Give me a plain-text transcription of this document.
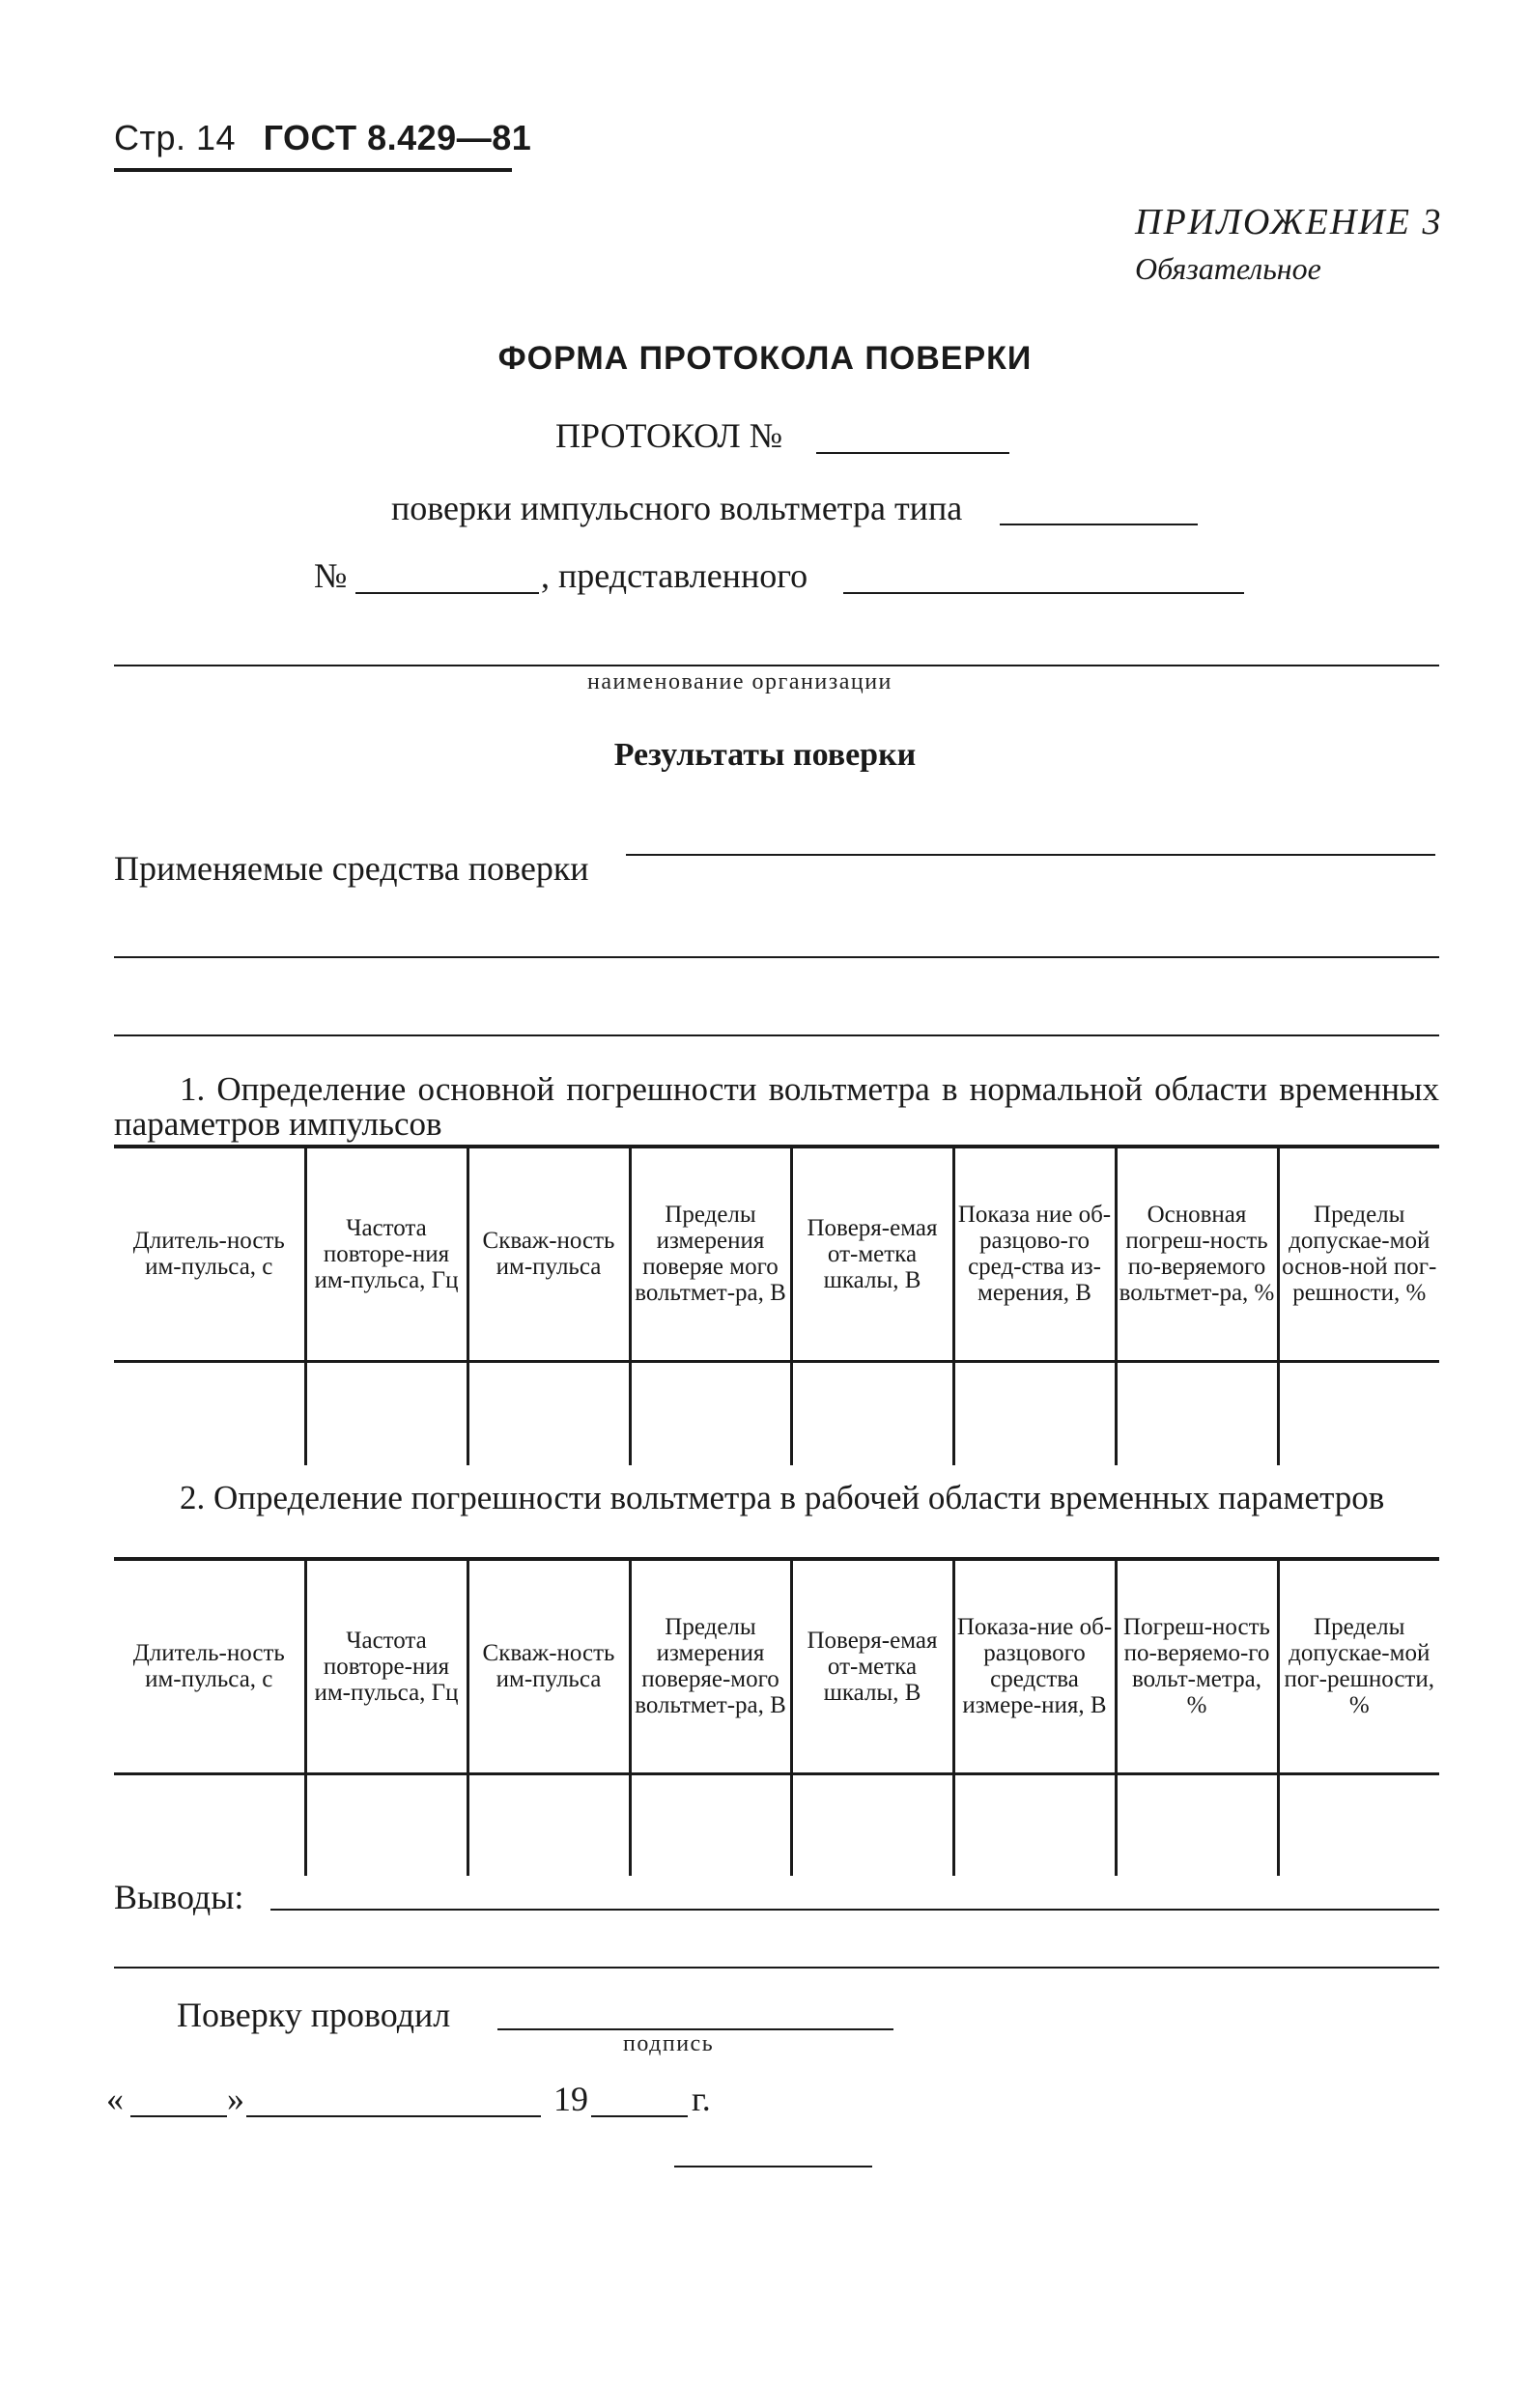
Стр. 14 ГОСТ 8.429—81
ПРИЛОЖЕНИЕ 3
Обязательное
ФОРМА ПРОТОКОЛА ПОВЕРКИ
ПРОТОКОЛ №
поверки импульсного вольтметра типа
№	, представленного
наименование организации
Результаты поверки
Применяемые средства поверки
1. Определение основной погрешности вольтметра в нормальной области временных параметров импульсов
Длитель-ность им-пульса, с	Частота повторе-ния им-пульса, Гц	Скваж-ность им-пульса	Пределы измерения поверяе мого вольтмет-ра, В	Поверя-емая от-метка шкалы, В	Показа ние об-разцово-го сред-ства из-мерения, В	Основная погреш-ность по-веряемого вольтмет-ра, %	Пределы допускае-мой основ-ной пог-решности, %

2. Определение погрешности вольтметра в рабочей области временных параметров
Длитель-ность им-пульса, с	Частота повторе-ния им-пульса, Гц	Скваж-ность им-пульса	Пределы измерения поверяе-мого вольтмет-ра, В	Поверя-емая от-метка шкалы, В	Показа-ние об-разцового средства измере-ния, В	Погреш-ность по-веряемо-го вольт-метра, %	Пределы допускае-мой пог-решности, %

Выводы:
Поверку проводил
подпись
«	»	19	г.
